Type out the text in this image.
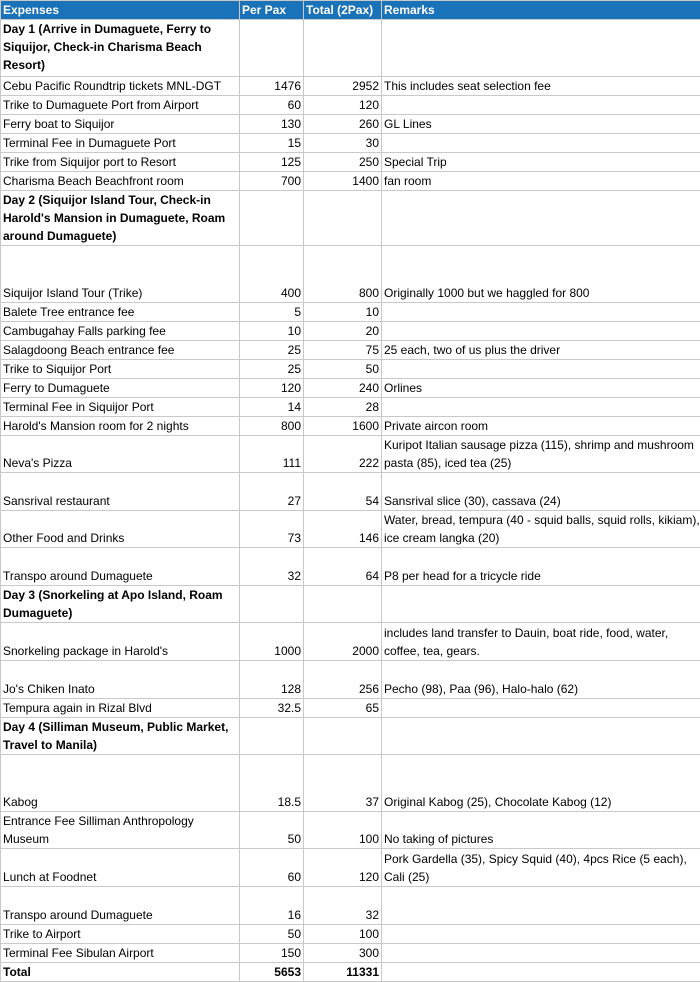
Expenses	Per Pax	Total (2Pax)	Remarks
Day 1 (Arrive in Dumaguete, Ferry to Siquijor, Check-in Charisma Beach Resort)			
Cebu Pacific Roundtrip tickets MNL-DGT	1476	2952	This includes seat selection fee
Trike to Dumaguete Port from Airport	60	120	
Ferry boat to Siquijor	130	260	GL Lines
Terminal Fee in Dumaguete Port	15	30	
Trike from Siquijor port to Resort	125	250	Special Trip
Charisma Beach Beachfront room	700	1400	fan room
Day 2 (Siquijor Island Tour, Check-in Harold's Mansion in Dumaguete, Roam around Dumaguete)			
Siquijor Island Tour (Trike)	400	800	Originally 1000 but we haggled for 800
Balete Tree entrance fee	5	10	
Cambugahay Falls parking fee	10	20	
Salagdoong Beach entrance fee	25	75	25 each, two of us plus the driver
Trike to Siquijor Port	25	50	
Ferry to Dumaguete	120	240	Orlines
Terminal Fee in Siquijor Port	14	28	
Harold's Mansion room for 2 nights	800	1600	Private aircon room
Neva's Pizza	111	222	Kuripot Italian sausage pizza (115), shrimp and mushroom pasta (85), iced tea (25)
Sansrival restaurant	27	54	Sansrival slice (30), cassava (24)
Other Food and Drinks	73	146	Water, bread, tempura (40 - squid balls, squid rolls, kikiam), ice cream langka (20)
Transpo around Dumaguete	32	64	P8 per head for a tricycle ride
Day 3 (Snorkeling at Apo Island, Roam Dumaguete)			
Snorkeling package in Harold's	1000	2000	includes land transfer to Dauin, boat ride, food, water, coffee, tea, gears.
Jo's Chiken Inato	128	256	Pecho (98), Paa (96), Halo-halo (62)
Tempura again in Rizal Blvd	32.5	65	
Day 4 (Silliman Museum, Public Market, Travel to Manila)			
Kabog	18.5	37	Original Kabog (25), Chocolate Kabog (12)
Entrance Fee Silliman Anthropology Museum	50	100	No taking of pictures
Lunch at Foodnet	60	120	Pork Gardella (35), Spicy Squid (40), 4pcs Rice (5 each), Cali (25)
Transpo around Dumaguete	16	32	
Trike to Airport	50	100	
Terminal Fee Sibulan Airport	150	300	
Total	5653	11331	
